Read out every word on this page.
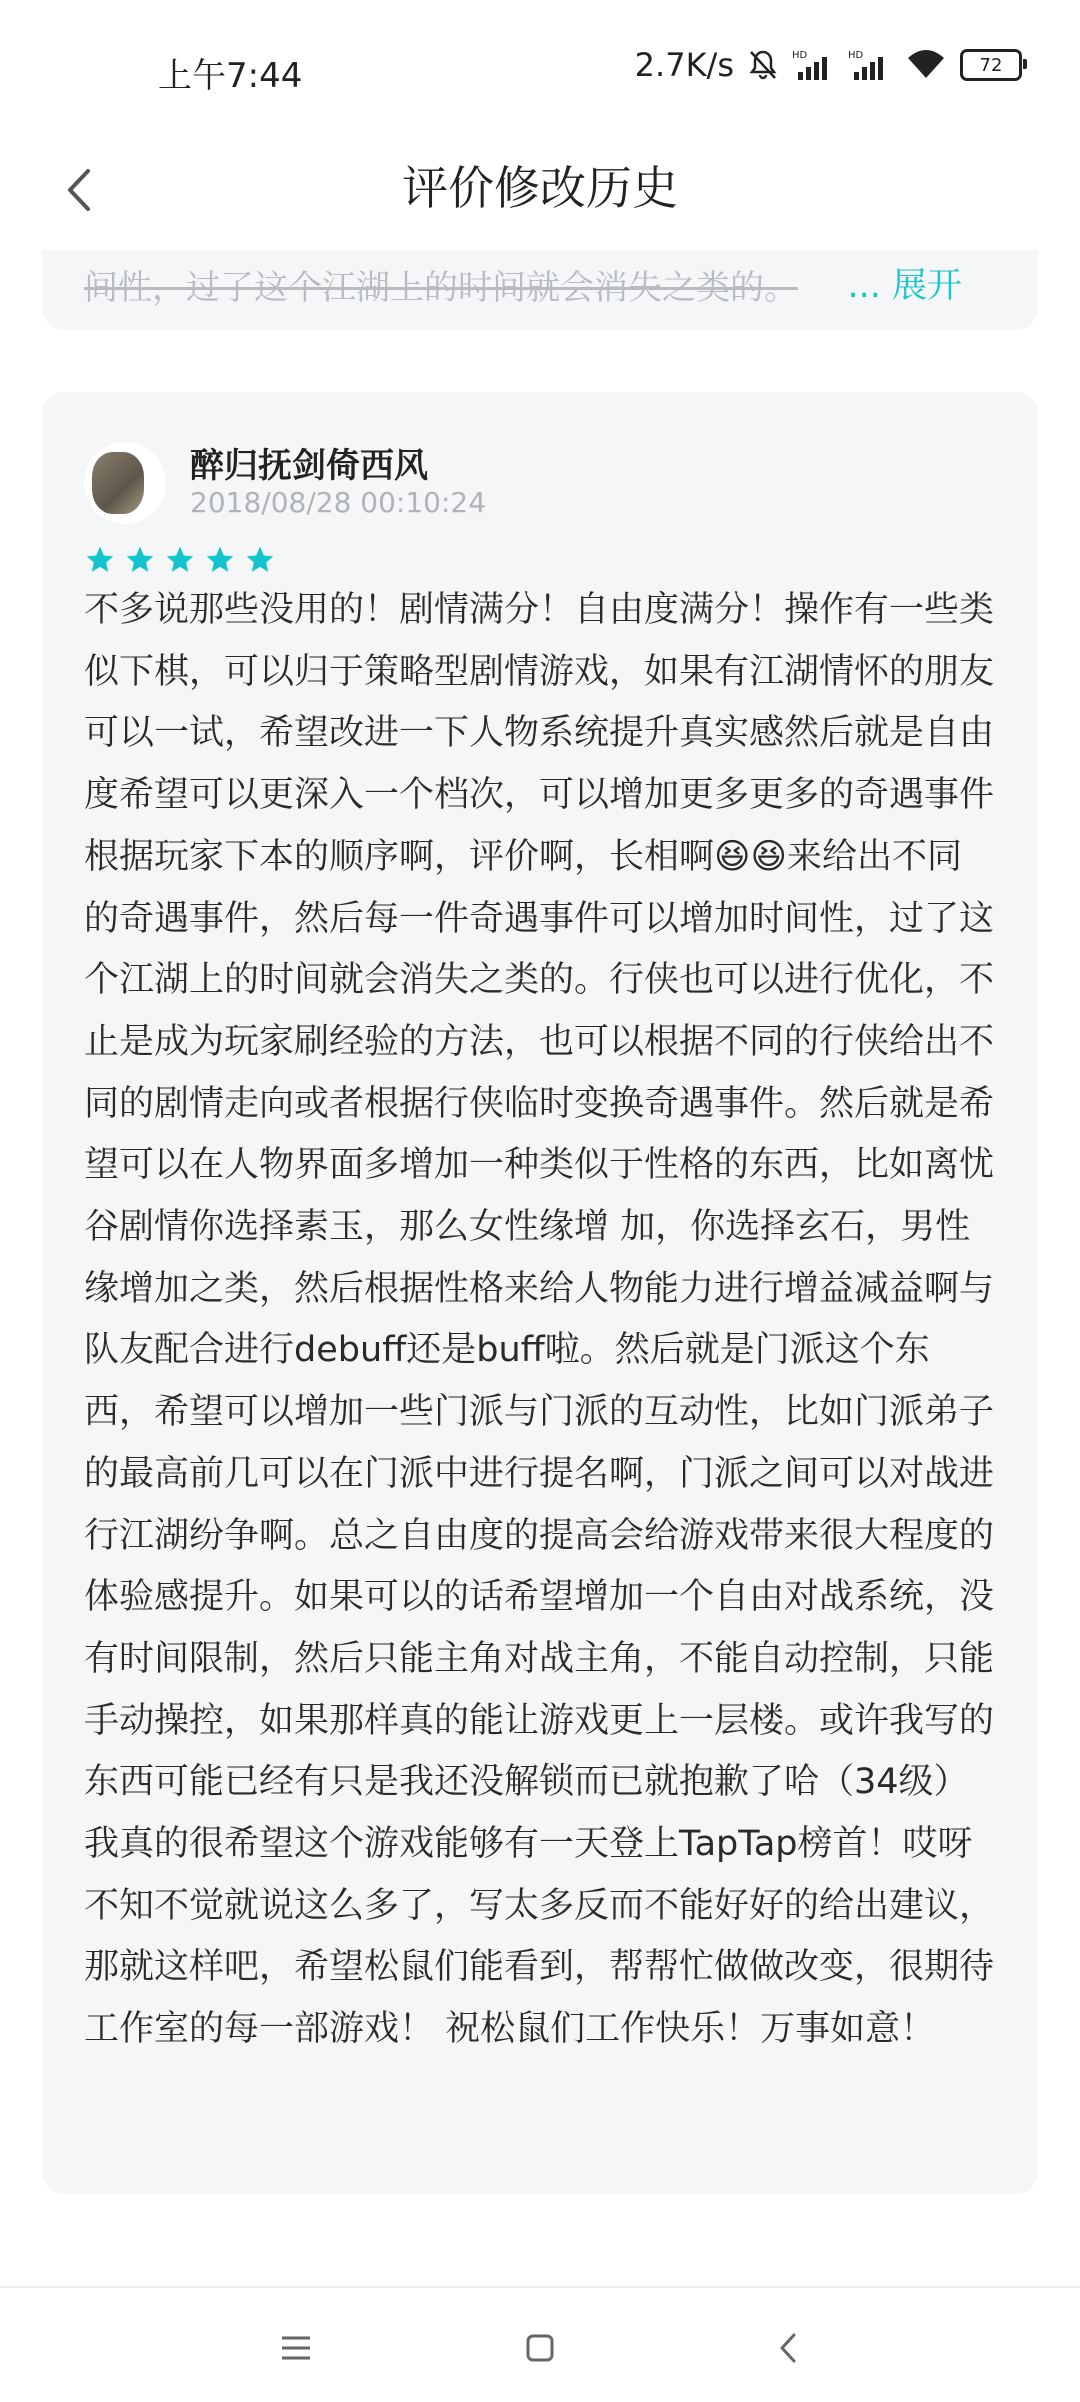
上午7:44	2.7K/s	HD	HD	72
评价修改历史
间性，过了这个江湖上的时间就会消失之类的。 ... 展开
醉归抚剑倚西风
2018/08/28 00:10:24
不多说那些没用的！剧情满分！自由度满分！操作有一些类似下棋，可以归于策略型剧情游戏，如果有江湖情怀的朋友可以一试，希望改进一下人物系统提升真实感然后就是自由度希望可以更深入一个档次，可以增加更多更多的奇遇事件根据玩家下本的顺序啊，评价啊，长相啊😆😆来给出不同的奇遇事件，然后每一件奇遇事件可以增加时间性，过了这个江湖上的时间就会消失之类的。行侠也可以进行优化，不止是成为玩家刷经验的方法，也可以根据不同的行侠给出不同的剧情走向或者根据行侠临时变换奇遇事件。然后就是希望可以在人物界面多增加一种类似于性格的东西，比如离忧谷剧情你选择素玉，那么女性缘增 加，你选择玄石，男性缘增加之类，然后根据性格来给人物能力进行增益减益啊与队友配合进行debuff还是buff啦。然后就是门派这个东西，希望可以增加一些门派与门派的互动性，比如门派弟子的最高前几可以在门派中进行提名啊，门派之间可以对战进行江湖纷争啊。总之自由度的提高会给游戏带来很大程度的体验感提升。如果可以的话希望增加一个自由对战系统，没有时间限制，然后只能主角对战主角，不能自动控制，只能手动操控，如果那样真的能让游戏更上一层楼。或许我写的东西可能已经有只是我还没解锁而已就抱歉了哈（34级）我真的很希望这个游戏能够有一天登上TapTap榜首！哎呀不知不觉就说这么多了，写太多反而不能好好的给出建议，那就这样吧，希望松鼠们能看到，帮帮忙做做改变，很期待工作室的每一部游戏！ 祝松鼠们工作快乐！万事如意！
